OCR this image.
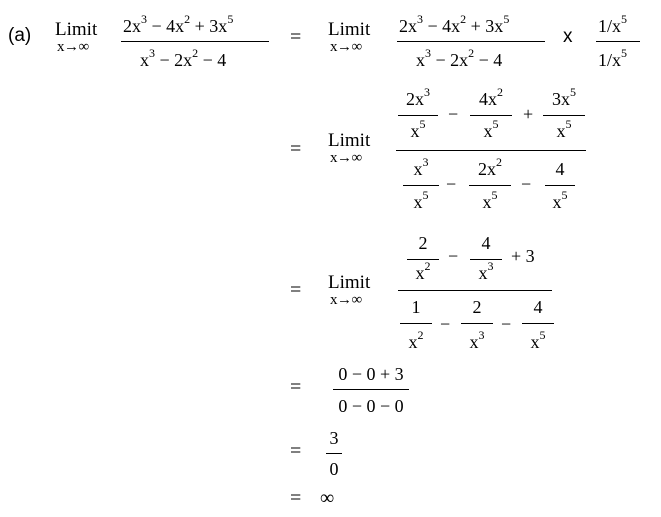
(a) Limit
x→∞
$2x^3 - 4x^2 + 3x^5$
$x^3 - 2x^2 - 4$
= Limit
x→∞
$2x^3 - 4x^2 + 3x^5$
$x^3 - 2x^2 - 4$
x $1/x^5$
$1/x^5$
= Limit
x→∞
$2x^3$
$x^5$	−
$4x^2$
$x^5$	+
$3x^5$
$x^5$
$x^3$
$x^5$
−
$2x^2$
$x^5$
−
4
$x^5$
= Limit
x→∞
2
$x^2$ −
4
$x^3 + 3$
1
$x^2$
−
2
$x^3$
−
4
$x^5$
=
0 − 0 + 3
0 − 0 − 0
=
3
0
= ∞
